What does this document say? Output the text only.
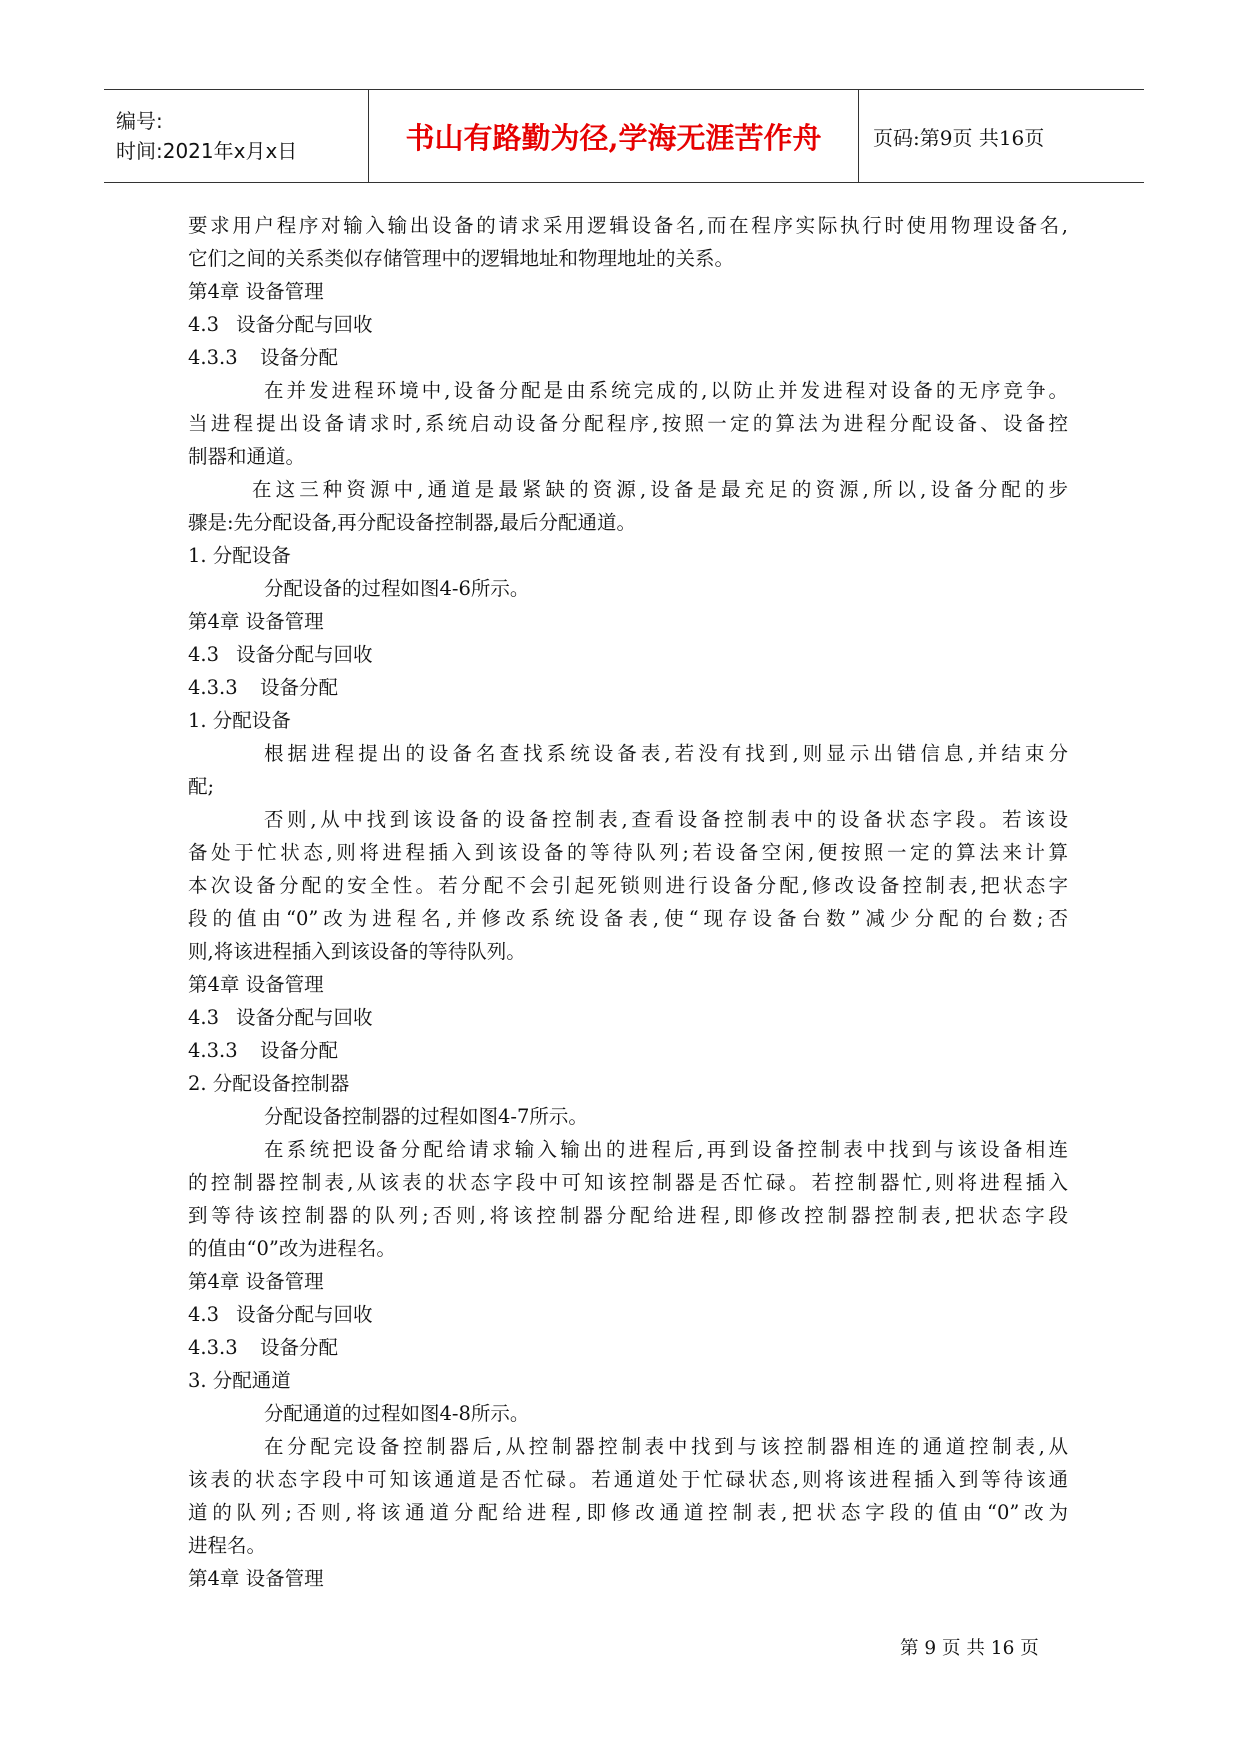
编号:
时间:2021年x月x日	书山有路勤为径,学海无涯苦作舟	页码:第9页 共16页
要求用户程序对输入输出设备的请求采用逻辑设备名,而在程序实际执行时使用物理设备名,
它们之间的关系类似存储管理中的逻辑地址和物理地址的关系。
第4章 设备管理
4.3 设备分配与回收
4.3.3 设备分配
在并发进程环境中,设备分配是由系统完成的,以防止并发进程对设备的无序竞争。
当进程提出设备请求时,系统启动设备分配程序,按照一定的算法为进程分配设备、设备控
制器和通道。
在这三种资源中,通道是最紧缺的资源,设备是最充足的资源,所以,设备分配的步
骤是:先分配设备,再分配设备控制器,最后分配通道。
1. 分配设备
分配设备的过程如图4-6所示。
第4章 设备管理
4.3 设备分配与回收
4.3.3 设备分配
1. 分配设备
根据进程提出的设备名查找系统设备表,若没有找到,则显示出错信息,并结束分
配;
否则,从中找到该设备的设备控制表,查看设备控制表中的设备状态字段。若该设
备处于忙状态,则将进程插入到该设备的等待队列;若设备空闲,便按照一定的算法来计算
本次设备分配的安全性。若分配不会引起死锁则进行设备分配,修改设备控制表,把状态字
段的值由“0”改为进程名,并修改系统设备表,使“现存设备台数”减少分配的台数;否
则,将该进程插入到该设备的等待队列。
第4章 设备管理
4.3 设备分配与回收
4.3.3 设备分配
2. 分配设备控制器
分配设备控制器的过程如图4-7所示。
在系统把设备分配给请求输入输出的进程后,再到设备控制表中找到与该设备相连
的控制器控制表,从该表的状态字段中可知该控制器是否忙碌。若控制器忙,则将进程插入
到等待该控制器的队列;否则,将该控制器分配给进程,即修改控制器控制表,把状态字段
的值由“0”改为进程名。
第4章 设备管理
4.3 设备分配与回收
4.3.3 设备分配
3. 分配通道
分配通道的过程如图4-8所示。
在分配完设备控制器后,从控制器控制表中找到与该控制器相连的通道控制表,从
该表的状态字段中可知该通道是否忙碌。若通道处于忙碌状态,则将该进程插入到等待该通
道的队列;否则,将该通道分配给进程,即修改通道控制表,把状态字段的值由“0”改为
进程名。
第4章 设备管理
第 9 页 共 16 页
